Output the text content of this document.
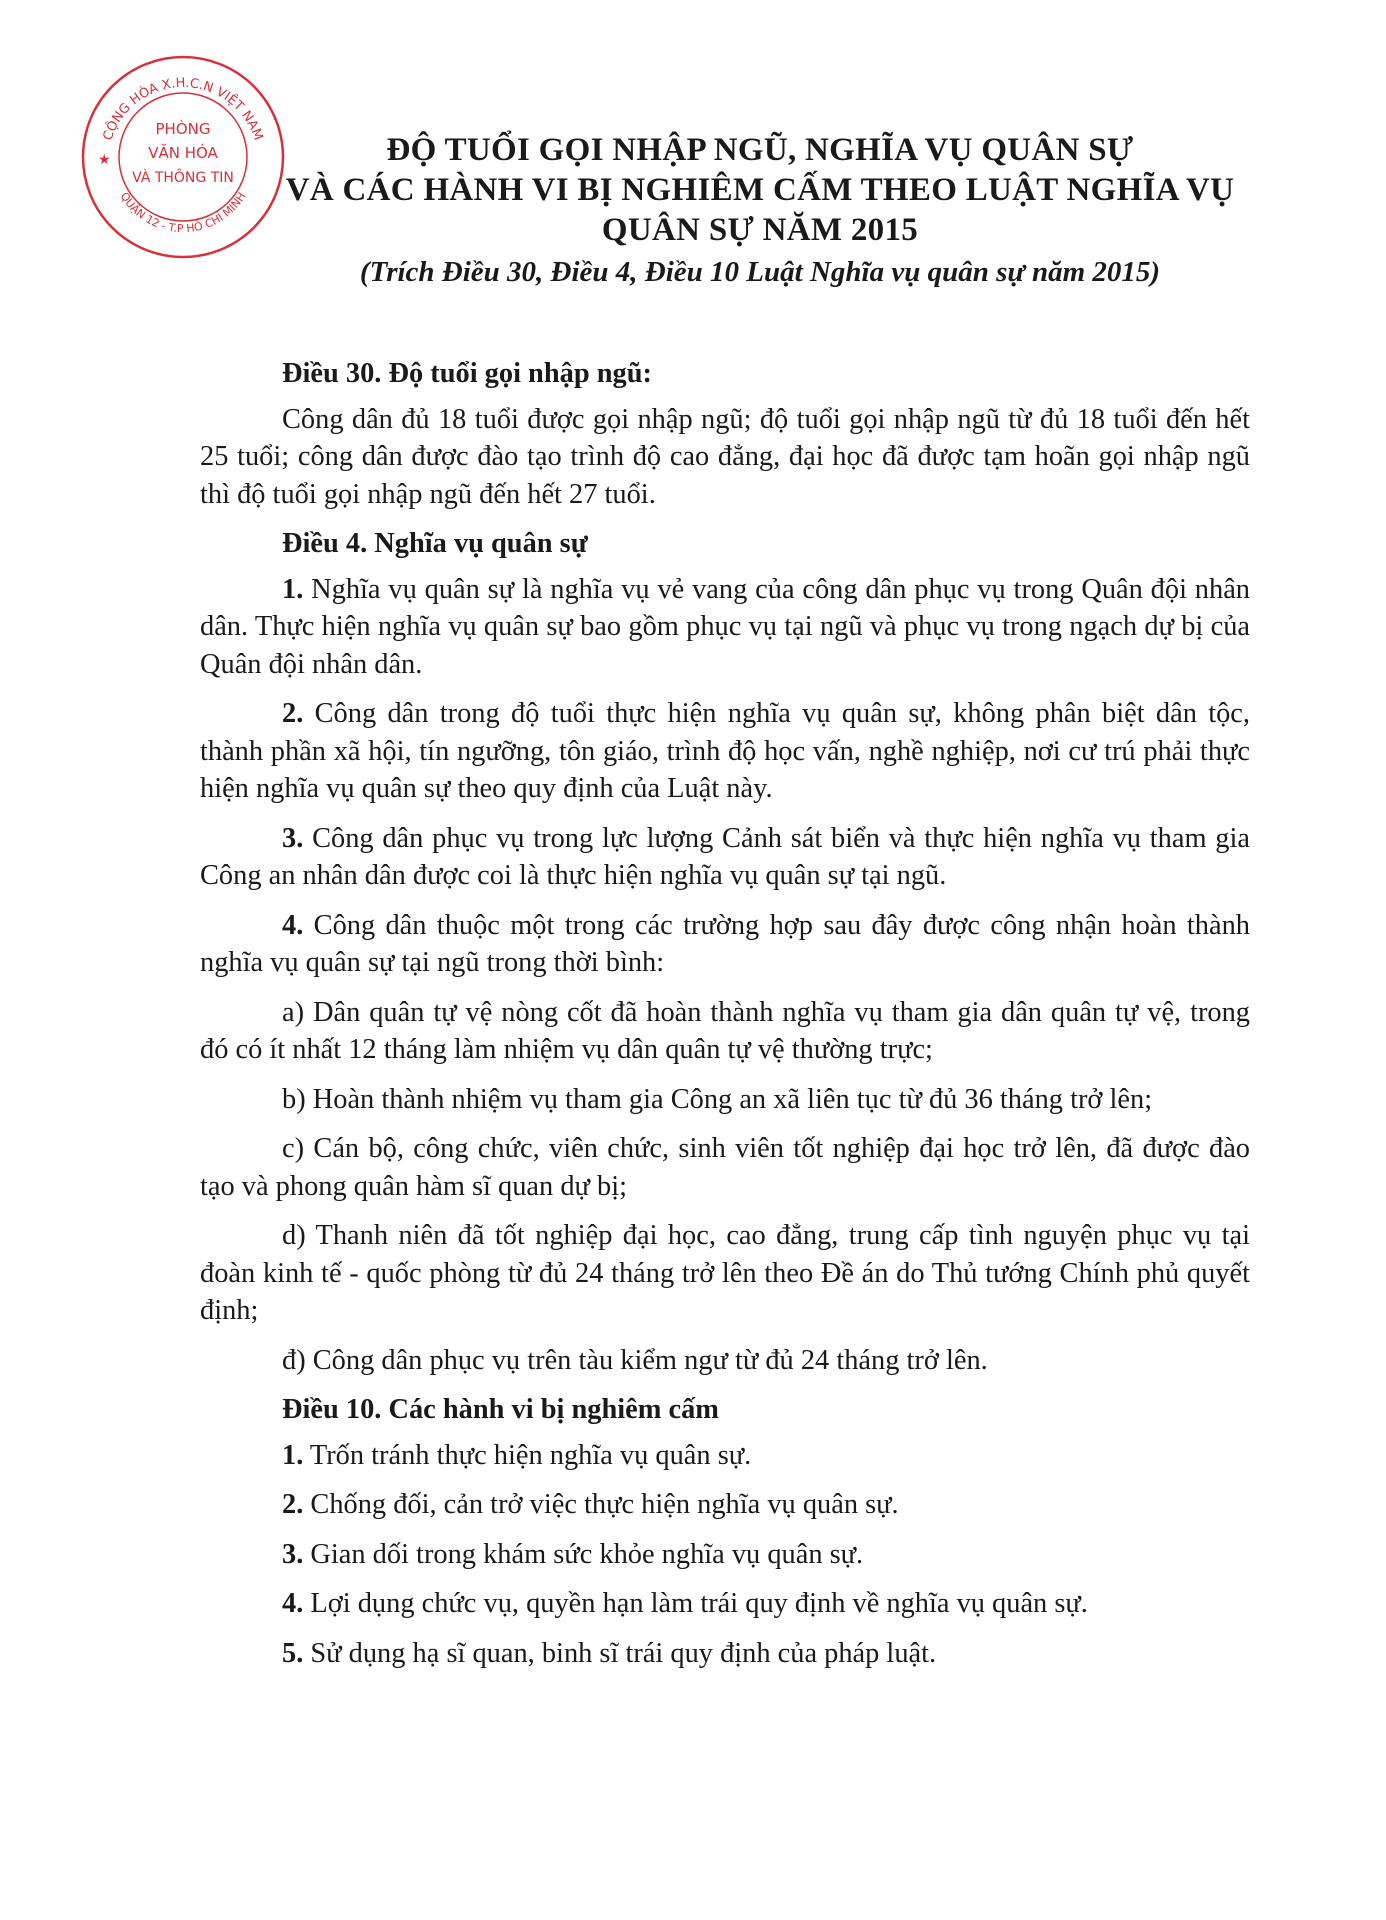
CỘNG HÒA X.H.C.N VIỆT NAM
QUẬN 12 - T.P HỒ CHÍ MINH
PHÒNG
VĂN HÓA
VÀ THÔNG TIN
★	ĐỘ TUỔI GỌI NHẬP NGŨ, NGHĨA VỤ QUÂN SỰ
VÀ CÁC HÀNH VI BỊ NGHIÊM CẤM THEO LUẬT NGHĨA VỤ
QUÂN SỰ NĂM 2015
(Trích Điều 30, Điều 4, Điều 10 Luật Nghĩa vụ quân sự năm 2015)

Điều 30. Độ tuổi gọi nhập ngũ:

Công dân đủ 18 tuổi được gọi nhập ngũ; độ tuổi gọi nhập ngũ từ đủ 18 tuổi đến hết 25 tuổi; công dân được đào tạo trình độ cao đẳng, đại học đã được tạm hoãn gọi nhập ngũ thì độ tuổi gọi nhập ngũ đến hết 27 tuổi.

Điều 4. Nghĩa vụ quân sự

1. Nghĩa vụ quân sự là nghĩa vụ vẻ vang của công dân phục vụ trong Quân đội nhân dân. Thực hiện nghĩa vụ quân sự bao gồm phục vụ tại ngũ và phục vụ trong ngạch dự bị của Quân đội nhân dân.

2. Công dân trong độ tuổi thực hiện nghĩa vụ quân sự, không phân biệt dân tộc, thành phần xã hội, tín ngưỡng, tôn giáo, trình độ học vấn, nghề nghiệp, nơi cư trú phải thực hiện nghĩa vụ quân sự theo quy định của Luật này.

3. Công dân phục vụ trong lực lượng Cảnh sát biển và thực hiện nghĩa vụ tham gia Công an nhân dân được coi là thực hiện nghĩa vụ quân sự tại ngũ.

4. Công dân thuộc một trong các trường hợp sau đây được công nhận hoàn thành nghĩa vụ quân sự tại ngũ trong thời bình:

a) Dân quân tự vệ nòng cốt đã hoàn thành nghĩa vụ tham gia dân quân tự vệ, trong đó có ít nhất 12 tháng làm nhiệm vụ dân quân tự vệ thường trực;

b) Hoàn thành nhiệm vụ tham gia Công an xã liên tục từ đủ 36 tháng trở lên;

c) Cán bộ, công chức, viên chức, sinh viên tốt nghiệp đại học trở lên, đã được đào tạo và phong quân hàm sĩ quan dự bị;

d) Thanh niên đã tốt nghiệp đại học, cao đẳng, trung cấp tình nguyện phục vụ tại đoàn kinh tế - quốc phòng từ đủ 24 tháng trở lên theo Đề án do Thủ tướng Chính phủ quyết định;

đ) Công dân phục vụ trên tàu kiểm ngư từ đủ 24 tháng trở lên.

Điều 10. Các hành vi bị nghiêm cấm

1. Trốn tránh thực hiện nghĩa vụ quân sự.

2. Chống đối, cản trở việc thực hiện nghĩa vụ quân sự.

3. Gian dối trong khám sức khỏe nghĩa vụ quân sự.

4. Lợi dụng chức vụ, quyền hạn làm trái quy định về nghĩa vụ quân sự.

5. Sử dụng hạ sĩ quan, binh sĩ trái quy định của pháp luật.
